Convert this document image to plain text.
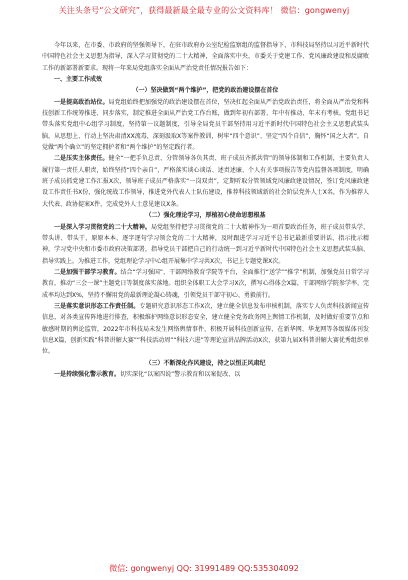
关注头条号“公文研究”，获得最新最全最专业的公文资料库！ 微信：gongwenyj

今年以来，在市委、市政府的坚强领导下，在驻市政府办公室纪检监察组的监督指导下，市科技局坚持以习近平新时代中国特色社会主义思想为指导，深入学习贯彻党的二十大精神，全面落实中央、市委关于党建工作、党风廉政建设和反腐败工作的新部署新要求。现将一年来局党组落实全面从严治党责任情况报告如下：

一、主要工作成效
（一）坚决做到“两个维护”，把党的政治建设摆在首位

一是提高政治站位。局党组始终把加强党的政治建设摆在首位，坚决扛起全面从严治党政治责任，将全面从严治党和科技创新工作统筹推进、同步落实，制定推进全面从严治党工作台账，做到年初有部署、年中有推动、年末有考核。党组书记带头落实党组中心组学习制度，坚持第一议题制度，引导全局党员干部坚持用习近平新时代中国特色社会主义思想武装头脑，从思想上、行动上坚决肃清XX流毒，深刻汲取X等案件教训，树牢“四个意识”、坚定“四个自信”，胸怀“国之大者”，自觉做“两个确立”的坚定拥护者和“两个维护”的坚定践行者。

二是压实主体责任。健全“一把手负总责、分管领导各负其责、班子成员齐抓共管”的领导体制和工作机制，主要负责人履行第一责任人职责，始终坚持“四个亲自”，严格落实谈心谈话、述责述廉、个人有关事项报告等党内监督各项制度，明确班子成员抓党建工作汇报X次，领导班子成员严格落实“一岗双责”，定期听取分管领域党风廉政建设情况，签订党风廉政建设工作责任书X份，强化统战工作领导，推进党外代表人士队伍建设，推荐科技领域新的社会阶层党外人士X名，作为推荐人大代表、政协提案X件，完成党外人士意见建议X条。

（二）强化理论学习，厚植初心使命思想根基

一是深入学习贯彻党的二十大精神。局党组坚持把学习贯彻党的二十大精神作为一项首要政治任务，班子成员带头学、带头讲、带头干，原原本本、逐字逐句学习领会党的二十大精神，及时跟进学习习近平总书记最新重要讲话、指示批示精神，学习党中央和市委市政府决策部署，指导党员干部把自己的行动统一到习近平新时代中国特色社会主义思想武装头脑、指导实践上。为推进工作，党组理论学习中心组开展集中学习共X次，书记上专题党课X次。

二是加强干部学习教育。结合“学习强国”、干部网络教育学院等平台，全面推行“送学”“推学”机制，加强党员日常学习教育，推动“三会一课”主题党日等制度落实落地。组织全体职工大会学习X次，撰写心得体会X篇，干部网络学院参学率、完成率均达到X%，坚持不懈用党的最新理论凝心铸魂，引领党员干部守初心、勇毅前行。

三是落实意识形态工作责任制。专题研究意识形态工作X次，建立健全信息发布审核机制，落实专人负责科技新闻宣传信息，对各类宣传阵地进行排查，积极维护网络意识形态安全，建立健全党务政务网上舆情工作机制，及时做好重要节点和敏感时期的舆论监管，2022年市科技局未发生网络舆情事件，积极开展科技创新宣传，在新华网、华龙网等各级媒体刊发信息X篇，创新实践“科普讲解大赛”“科技活动周”“科技六进”等理论宣讲品牌活动X次，获第九届X科普讲解大赛优秀组织单位。

（三）不断深化作风建设，持之以恒正风肃纪

一是持续强化警示教育。切实深化“以案四说”警示教育和以案促改、以

微信: gongwenyj QQ: 31991489 QQ:535304092
